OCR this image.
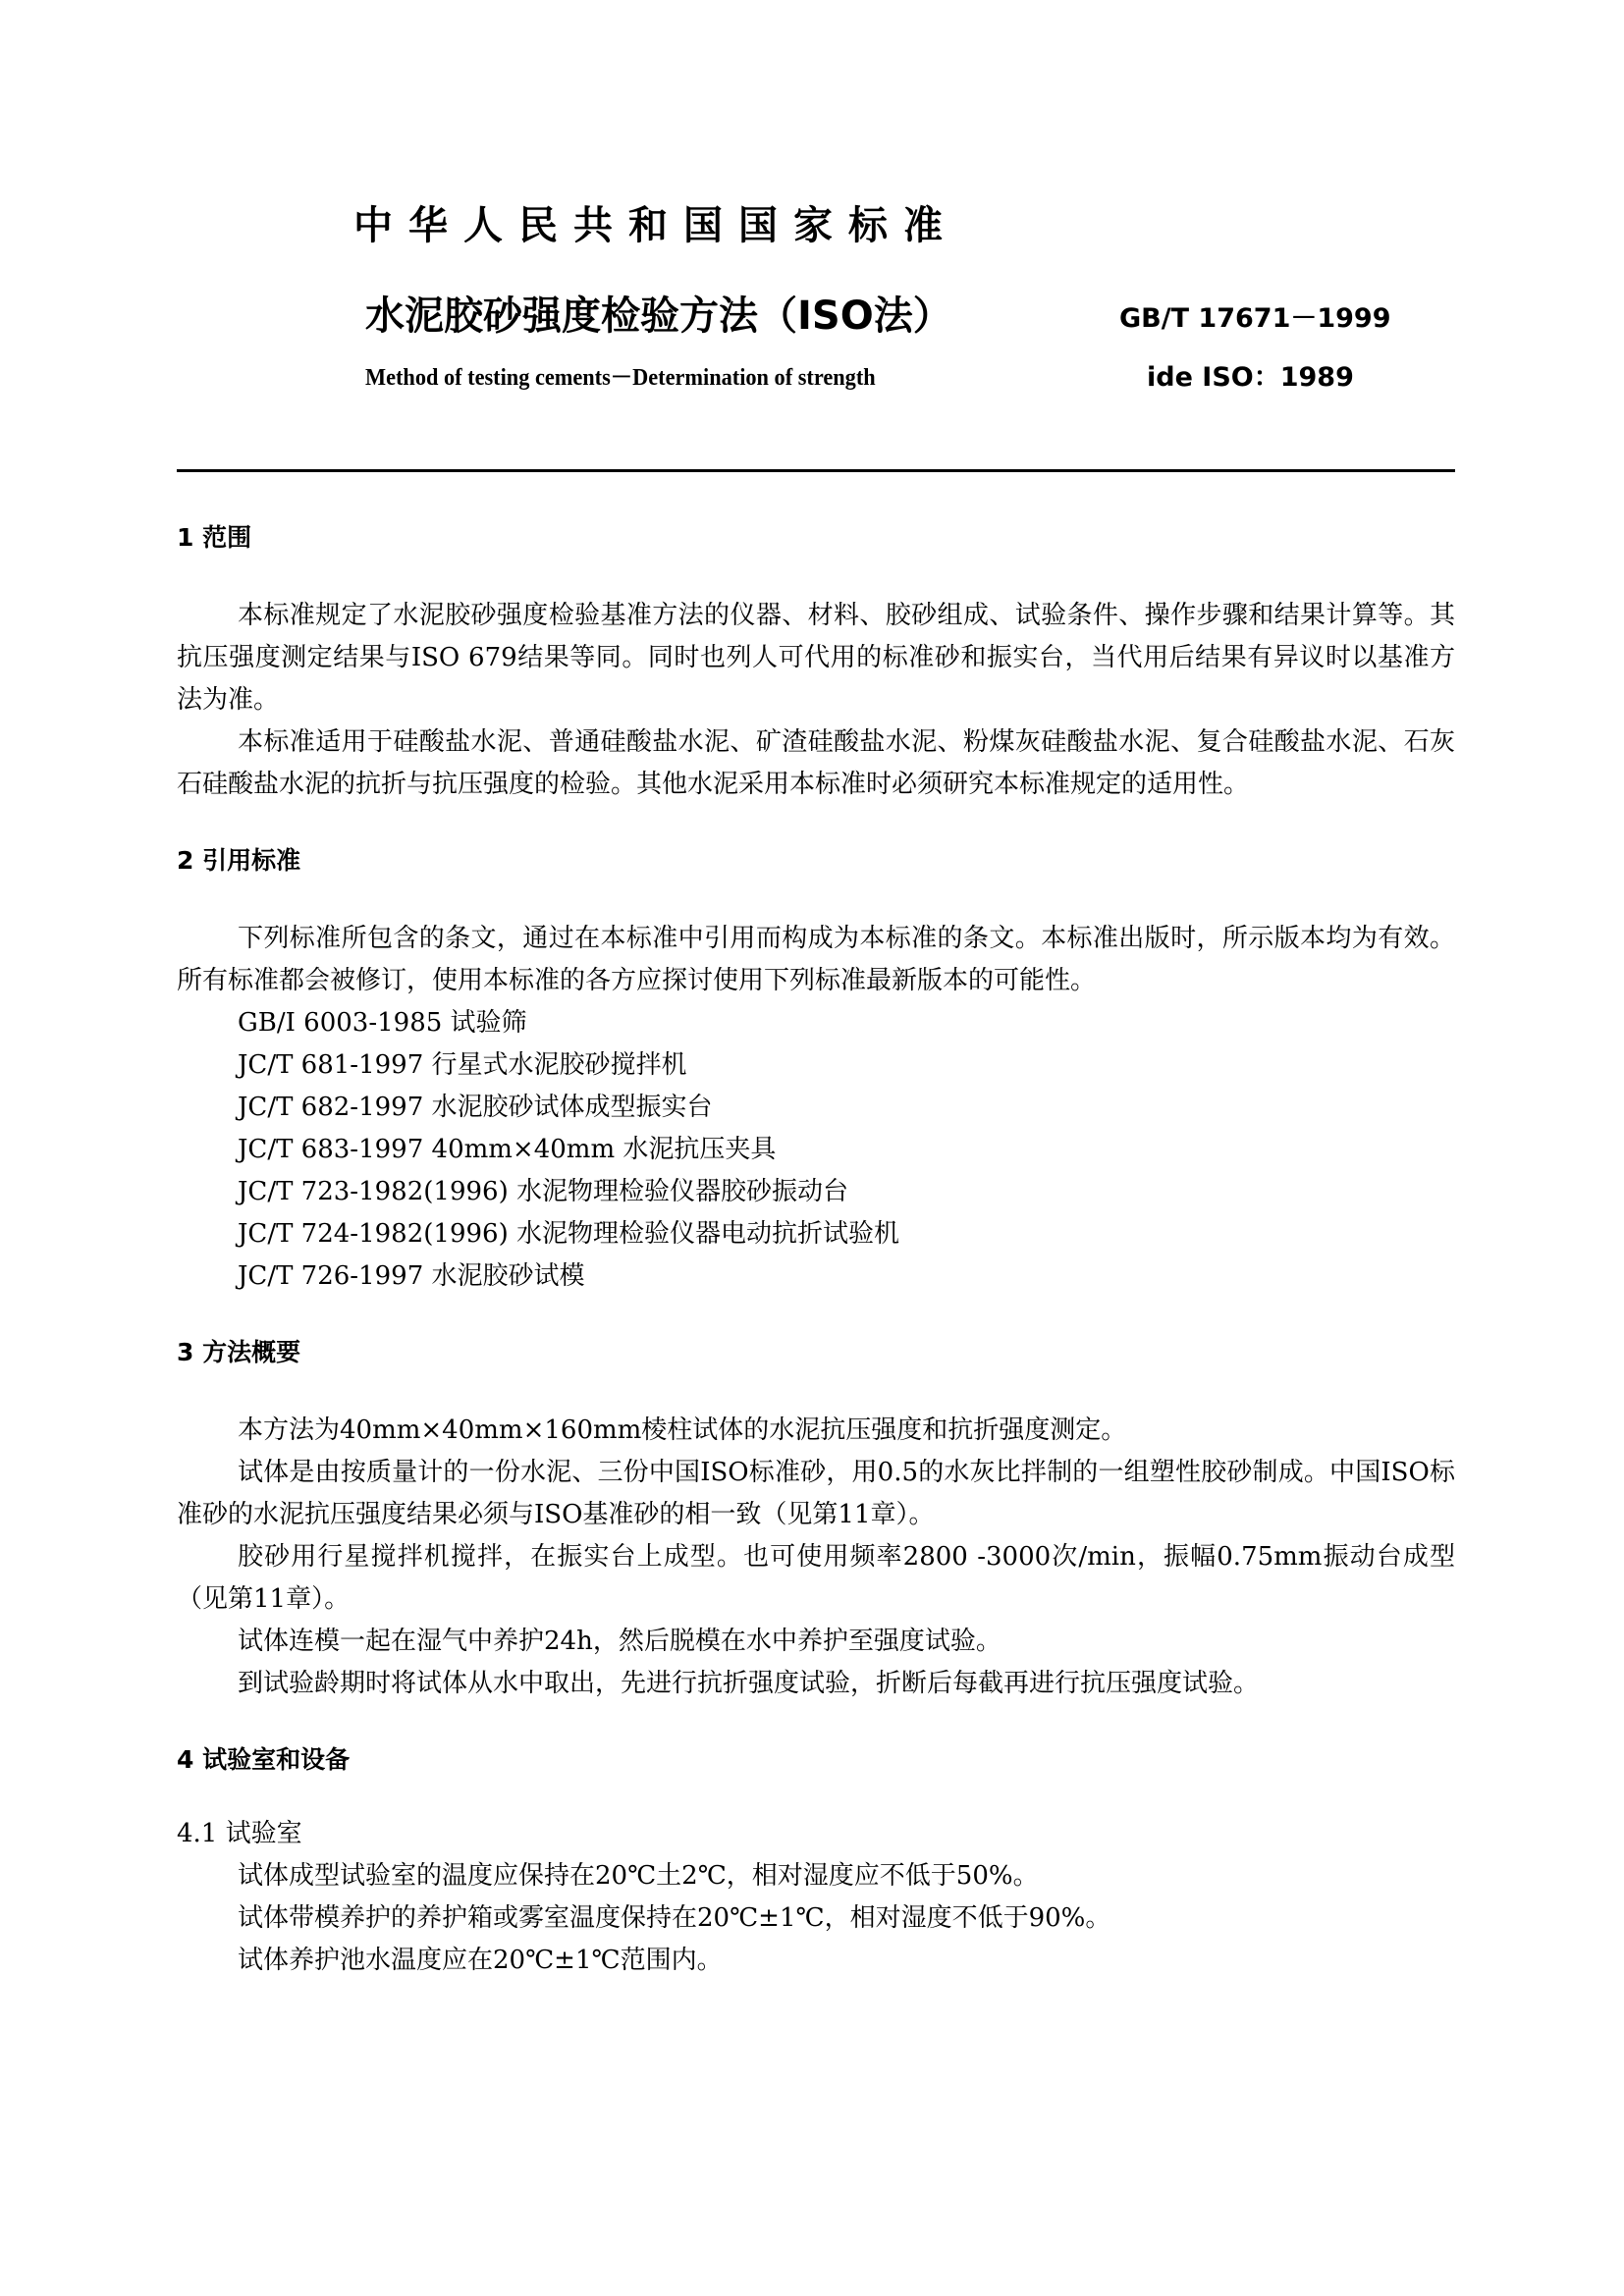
中华人民共和国国家标准
水泥胶砂强度检验方法（ISO法）	GB/T 17671－1999
Method of testing cements－Determination of strength	ide ISO：1989

1 范围

本标准规定了水泥胶砂强度检验基准方法的仪器、材料、胶砂组成、试验条件、操作步骤和结果计算等。其抗压强度测定结果与ISO 679结果等同。同时也列人可代用的标准砂和振实台，当代用后结果有异议时以基准方法为准。

本标准适用于硅酸盐水泥、普通硅酸盐水泥、矿渣硅酸盐水泥、粉煤灰硅酸盐水泥、复合硅酸盐水泥、石灰石硅酸盐水泥的抗折与抗压强度的检验。其他水泥采用本标准时必须研究本标准规定的适用性。

2 引用标准

下列标准所包含的条文，通过在本标准中引用而构成为本标准的条文。本标准出版时，所示版本均为有效。所有标准都会被修订，使用本标准的各方应探讨使用下列标准最新版本的可能性。

GB/I 6003-1985 试验筛

JC/T 681-1997 行星式水泥胶砂搅拌机

JC/T 682-1997 水泥胶砂试体成型振实台

JC/T 683-1997 40mm×40mm 水泥抗压夹具

JC/T 723-1982(1996) 水泥物理检验仪器胶砂振动台

JC/T 724-1982(1996) 水泥物理检验仪器电动抗折试验机

JC/T 726-1997 水泥胶砂试模

3 方法概要

本方法为40mm×40mm×160mm棱柱试体的水泥抗压强度和抗折强度测定。

试体是由按质量计的一份水泥、三份中国ISO标准砂，用0.5的水灰比拌制的一组塑性胶砂制成。中国ISO标准砂的水泥抗压强度结果必须与ISO基准砂的相一致（见第11章）。

胶砂用行星搅拌机搅拌，在振实台上成型。也可使用频率2800 -3000次/min，振幅0.75mm振动台成型（见第11章）。

试体连模一起在湿气中养护24h，然后脱模在水中养护至强度试验。

到试验龄期时将试体从水中取出，先进行抗折强度试验，折断后每截再进行抗压强度试验。

4 试验室和设备

4.1 试验室

试体成型试验室的温度应保持在20℃土2℃，相对湿度应不低于50%。

试体带模养护的养护箱或雾室温度保持在20℃±1℃，相对湿度不低于90%。

试体养护池水温度应在20℃±1℃范围内。
